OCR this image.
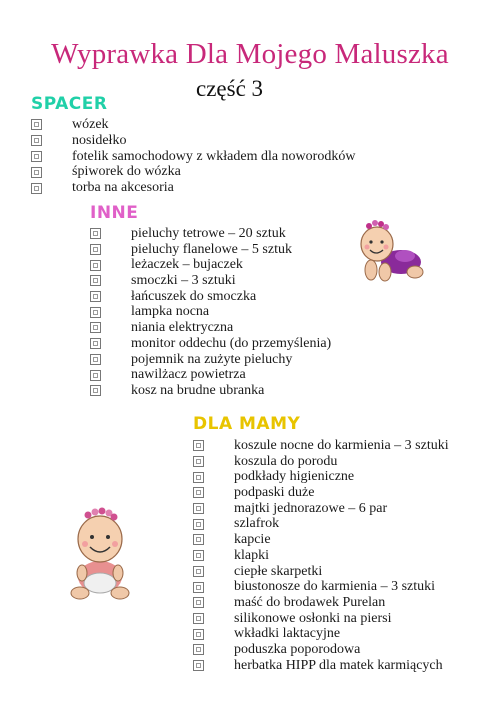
Wyprawka Dla Mojego Maluszka
część 3
SPACER
wózek
nosidełko
fotelik samochodowy z wkładem dla noworodków
śpiworek do wózka
torba na akcesoria
INNE
pieluchy tetrowe – 20 sztuk
pieluchy flanelowe – 5 sztuk
leżaczek – bujaczek
smoczki – 3 sztuki
łańcuszek do smoczka
lampka nocna
niania elektryczna
monitor oddechu (do przemyślenia)
pojemnik na zużyte pieluchy
nawilżacz powietrza
kosz na brudne ubranka
DLA MAMY
koszule nocne do karmienia – 3 sztuki
koszula do porodu
podkłady higieniczne
podpaski duże
majtki jednorazowe – 6 par
szlafrok
kapcie
klapki
ciepłe skarpetki
biustonosze do karmienia – 3 sztuki
maść do brodawek Purelan
silikonowe osłonki na piersi
wkładki laktacyjne
poduszka poporodowa
herbatka HIPP dla matek karmiących
